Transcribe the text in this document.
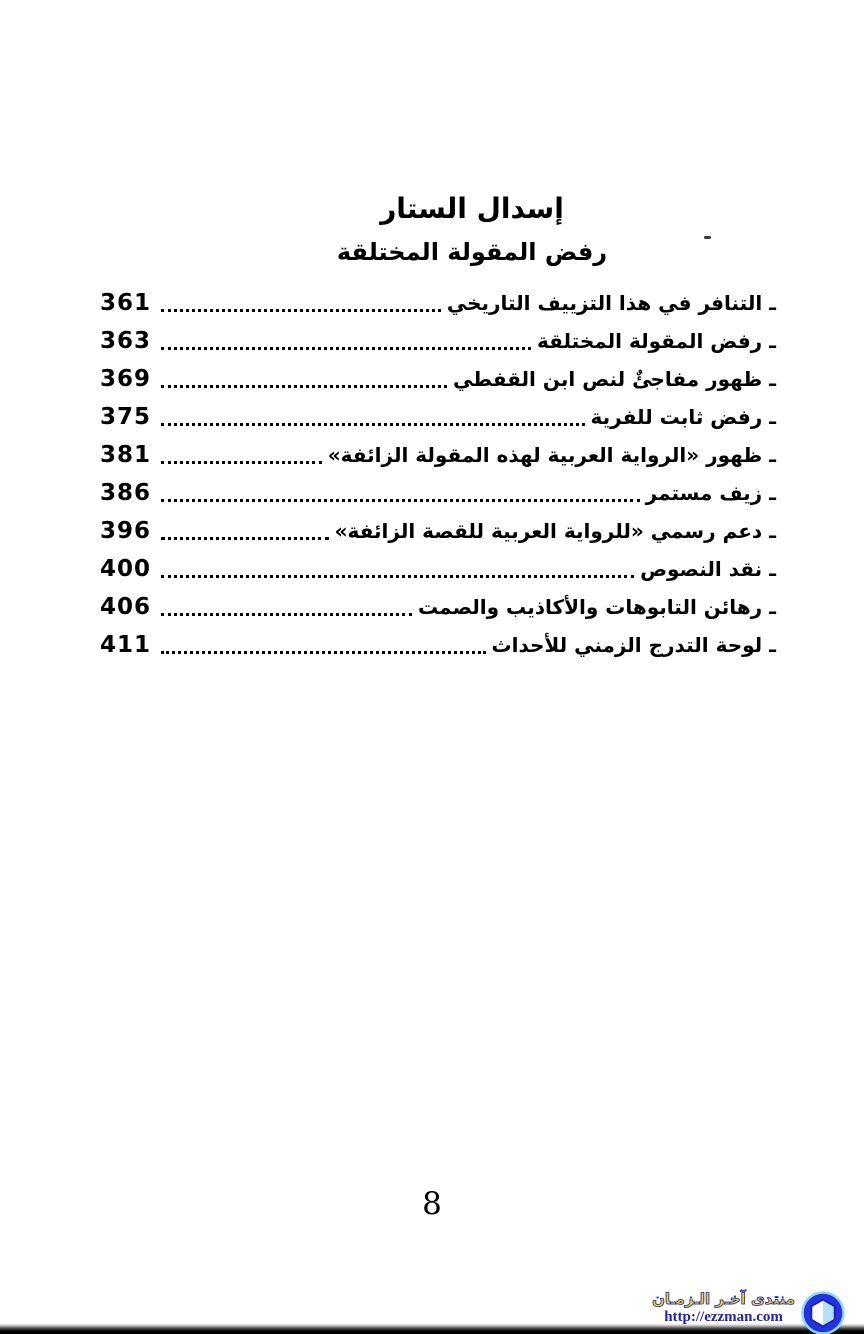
إسدال الستار
رفض المقولة المختلقة
ـ التنافر في هذا التزييف التاريخي
361
ـ رفض المقولة المختلقة
363
ـ ظهور مفاجئٌ لنص ابن القفطي
369
ـ رفض ثابت للفرية
375
ـ ظهور «الرواية العربية لهذه المقولة الزائفة»
381
ـ زيف مستمر
386
ـ دعم رسمي «للرواية العربية للقصة الزائفة»
396
ـ نقد النصوص
400
ـ رهائن التابوهات والأكاذيب والصمت
406
ـ لوحة التدرج الزمني للأحداث
411
8
منتدى آخـر الـزمـان
http://ezzman.com
